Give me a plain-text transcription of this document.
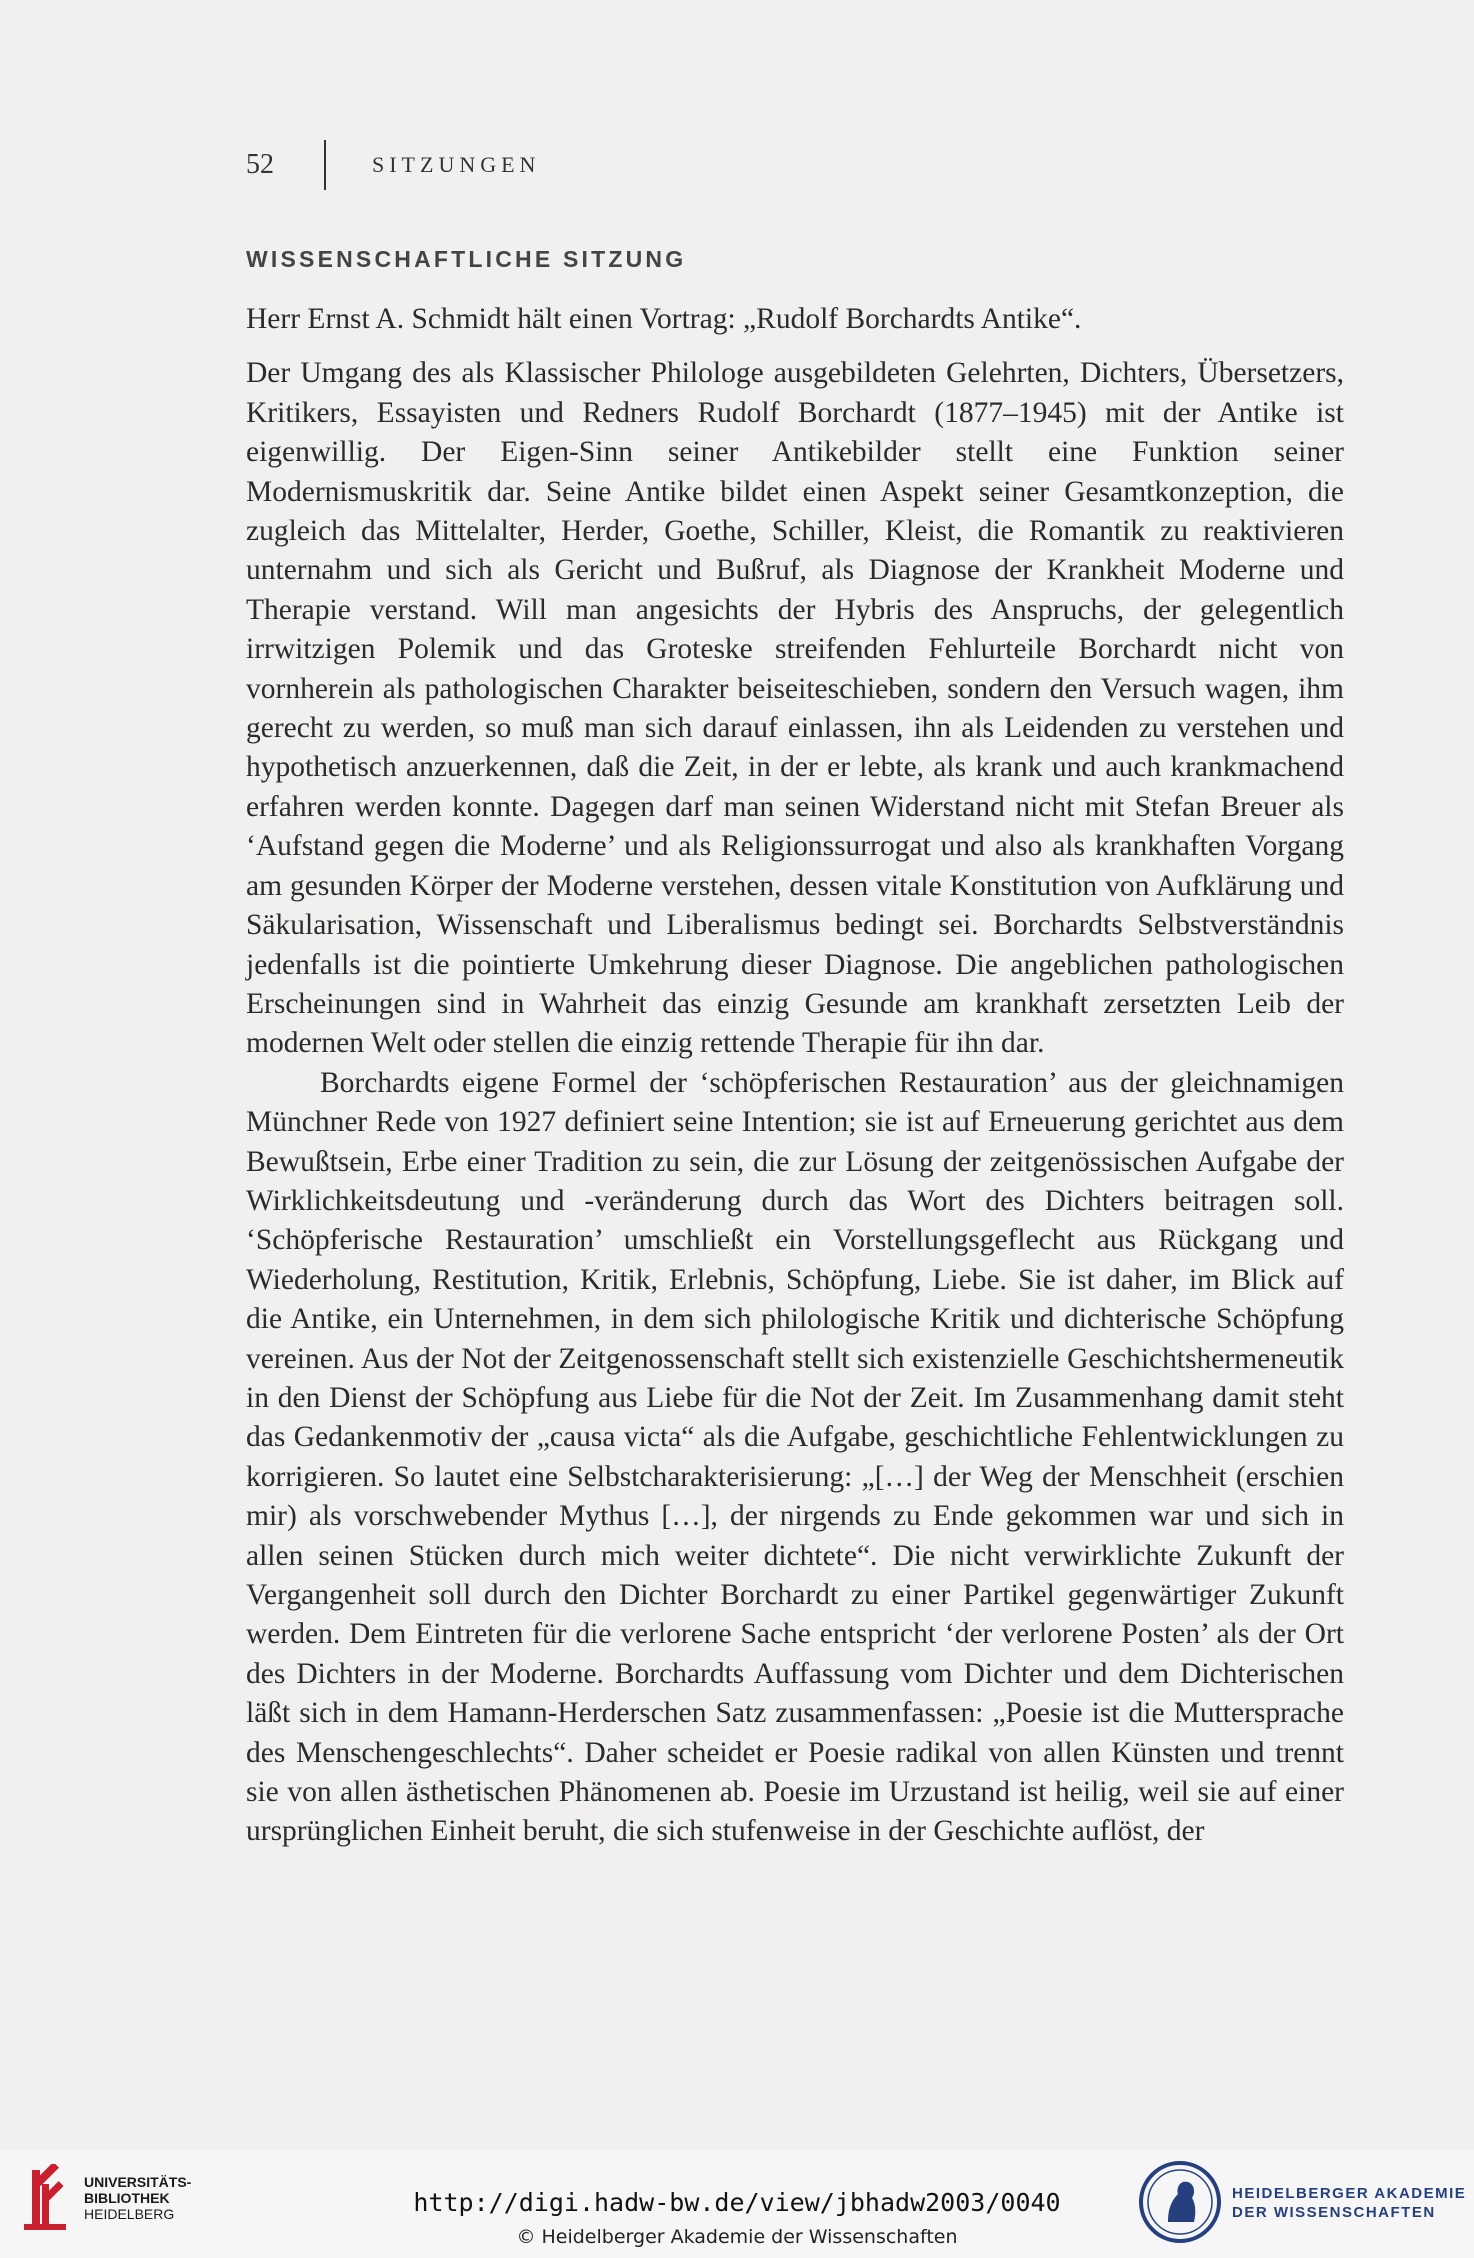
52	SITZUNGEN
WISSENSCHAFTLICHE SITZUNG

Herr Ernst A. Schmidt hält einen Vortrag: „Rudolf Borchardts Antike“.

Der Umgang des als Klassischer Philologe ausgebildeten Gelehrten, Dichters, Übersetzers, Kritikers, Essayisten und Redners Rudolf Borchardt (1877–1945) mit der Antike ist eigenwillig. Der Eigen-Sinn seiner Antikebilder stellt eine Funktion seiner Modernismuskritik dar. Seine Antike bildet einen Aspekt seiner Gesamtkonzeption, die zugleich das Mittelalter, Herder, Goethe, Schiller, Kleist, die Romantik zu reaktivieren unternahm und sich als Gericht und Bußruf, als Diagnose der Krankheit Moderne und Therapie verstand. Will man angesichts der Hybris des Anspruchs, der gelegentlich irrwitzigen Polemik und das Groteske streifenden Fehlurteile Borchardt nicht von vornherein als pathologischen Charakter beiseiteschieben, sondern den Versuch wagen, ihm gerecht zu werden, so muß man sich darauf einlassen, ihn als Leidenden zu verstehen und hypothetisch anzuerkennen, daß die Zeit, in der er lebte, als krank und auch krankmachend erfahren werden konnte. Dagegen darf man seinen Widerstand nicht mit Stefan Breuer als ‘Aufstand gegen die Moderne’ und als Religionssurrogat und also als krankhaften Vorgang am gesunden Körper der Moderne verstehen, dessen vitale Konstitution von Aufklärung und Säkularisation, Wissenschaft und Liberalismus bedingt sei. Borchardts Selbstverständnis jedenfalls ist die pointierte Umkehrung dieser Diagnose. Die angeblichen pathologischen Erscheinungen sind in Wahrheit das einzig Gesunde am krankhaft zersetzten Leib der modernen Welt oder stellen die einzig rettende Therapie für ihn dar.

Borchardts eigene Formel der ‘schöpferischen Restauration’ aus der gleichnamigen Münchner Rede von 1927 definiert seine Intention; sie ist auf Erneuerung gerichtet aus dem Bewußtsein, Erbe einer Tradition zu sein, die zur Lösung der zeitgenössischen Aufgabe der Wirklichkeitsdeutung und -veränderung durch das Wort des Dichters beitragen soll. ‘Schöpferische Restauration’ umschließt ein Vorstellungsgeflecht aus Rückgang und Wiederholung, Restitution, Kritik, Erlebnis, Schöpfung, Liebe. Sie ist daher, im Blick auf die Antike, ein Unternehmen, in dem sich philologische Kritik und dichterische Schöpfung vereinen. Aus der Not der Zeitgenossenschaft stellt sich existenzielle Geschichtshermeneutik in den Dienst der Schöpfung aus Liebe für die Not der Zeit. Im Zusammenhang damit steht das Gedankenmotiv der „causa victa“ als die Aufgabe, geschichtliche Fehlentwicklungen zu korrigieren. So lautet eine Selbstcharakterisierung: „[…] der Weg der Menschheit (erschien mir) als vorschwebender Mythus […], der nirgends zu Ende gekommen war und sich in allen seinen Stücken durch mich weiter dichtete“. Die nicht verwirklichte Zukunft der Vergangenheit soll durch den Dichter Borchardt zu einer Partikel gegenwärtiger Zukunft werden. Dem Eintreten für die verlorene Sache entspricht ‘der verlorene Posten’ als der Ort des Dichters in der Moderne. Borchardts Auffassung vom Dichter und dem Dichterischen läßt sich in dem Hamann-Herderschen Satz zusammenfassen: „Poesie ist die Muttersprache des Menschengeschlechts“. Daher scheidet er Poesie radikal von allen Künsten und trennt sie von allen ästhetischen Phänomenen ab. Poesie im Urzustand ist heilig, weil sie auf einer ursprünglichen Einheit beruht, die sich stufenweise in der Geschichte auflöst, der

UNIVERSITÄTS-
BIBLIOTHEK
HEIDELBERG	http://digi.hadw-bw.de/view/jbhadw2003/0040
© Heidelberger Akademie der Wissenschaften
HEIDELBERGER AKADEMIE
DER WISSENSCHAFTEN
